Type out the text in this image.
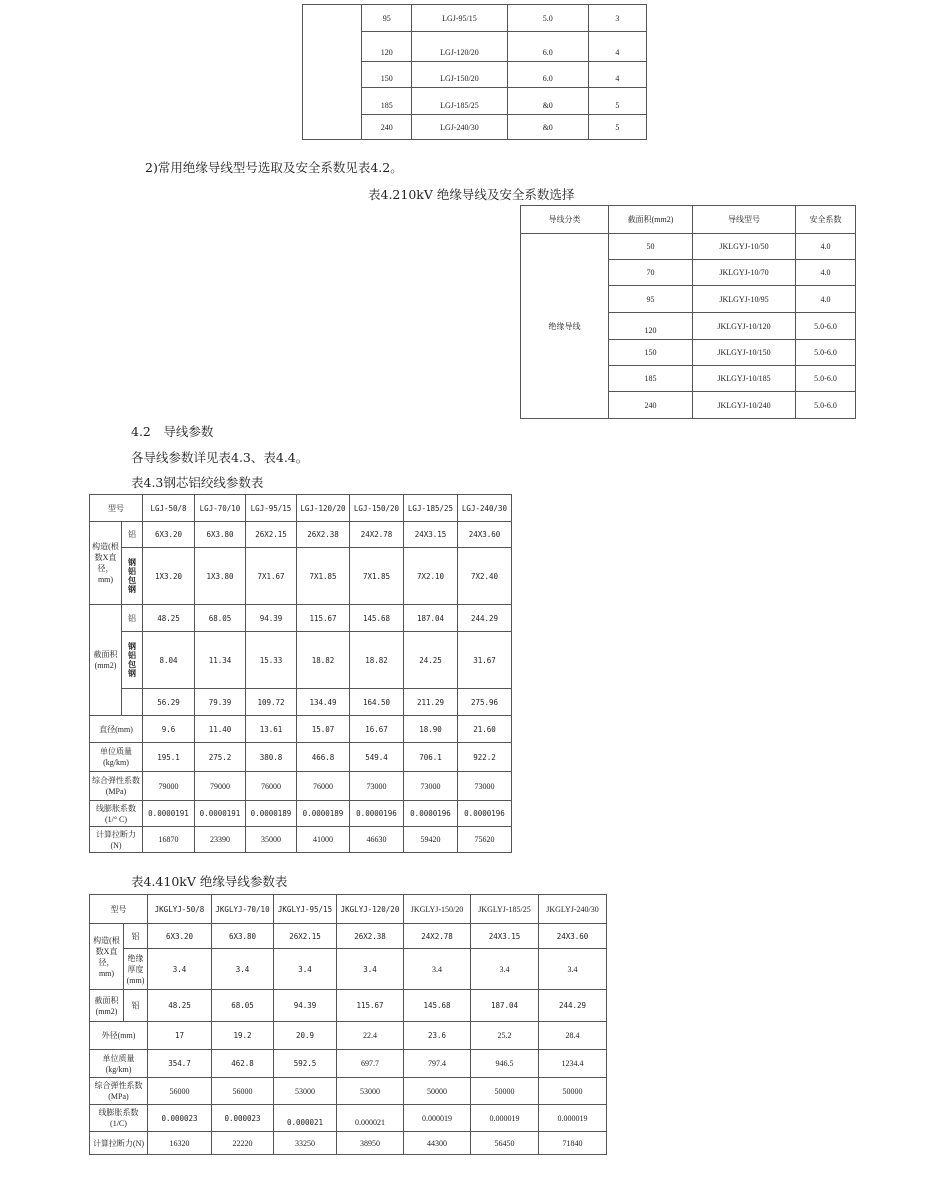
	95	LGJ-95/15	5.0	3
	120	LGJ-120/20	6.0	4
	150	LGJ-150/20	6.0	4
	185	LGJ-185/25	&0	5
	240	LGJ-240/30	&0	5
2)常用绝缘导线型号选取及安全系数见表4.2。
表4.210kV 绝缘导线及安全系数选择
导线分类	截面积(mm2)	导线型号	安全系数
绝缘导线	50	JKLGYJ-10/50	4.0
	70	JKLGYJ-10/70	4.0
	95	JKLGYJ-10/95	4.0
	120	JKLGYJ-10/120	5.0-6.0
	150	JKLGYJ-10/150	5.0-6.0
	185	JKLGYJ-10/185	5.0-6.0
	240	JKLGYJ-10/240	5.0-6.0
4.2　导线参数
各导线参数详见表4.3、表4.4。
表4.3钢芯铝绞线参数表
型号		LGJ-50/8	LGJ-70/10	LGJ-95/15	LGJ-120/20	LGJ-150/20	LGJ-185/25	LGJ-240/30
构造(根数X直径，mm)	铝	6X3.20	6X3.80	26X2.15	26X2.38	24X2.78	24X3.15	24X3.60
	钢铝包钢	1X3.20	1X3.80	7X1.67	7X1.85	7X1.85	7X2.10	7X2.40
截面积(mm2)	铝	48.25	68.05	94.39	115.67	145.68	187.04	244.29
	钢铝包钢	8.04	11.34	15.33	18.82	18.82	24.25	31.67
		56.29	79.39	109.72	134.49	164.50	211.29	275.96
直径(mm)		9.6	11.40	13.61	15.07	16.67	18.90	21.60
单位质量(kg/km)		195.1	275.2	380.8	466.8	549.4	706.1	922.2
综合弹性系数(MPa)		79000	79000	76000	76000	73000	73000	73000
线膨胀系数(1/° C)		0.0000191	0.0000191	0.0000189	0.0000189	0.0000196	0.0000196	0.0000196
计算拉断力(N)		16870	23390	35000	41000	46630	59420	75620
表4.410kV 绝缘导线参数表
型号		JKGLYJ-50/8	JKGLYJ-70/10	JKGLYJ-95/15	JKGLYJ-120/20	JKGLYJ-150/20	JKGLYJ-185/25	JKGLYJ-240/30
构造(根数X直径，mm)	铝	6X3.20	6X3.80	26X2.15	26X2.38	24X2.78	24X3.15	24X3.60
	绝缘厚度(mm)	3.4	3.4	3.4	3.4	3.4	3.4	3.4
截面积(mm2)	铝	48.25	68.05	94.39	115.67	145.68	187.04	244.29
外径(mm)		17	19.2	20.9	22.4	23.6	25.2	28.4
单位质量(kg/km)		354.7	462.8	592.5	697.7	797.4	946.5	1234.4
综合弹性系数(MPa)		56000	56000	53000	53000	50000	50000	50000
线膨胀系数(1/C)		0.000023	0.000023	0.000021	0.000021	0.000019	0.000019	0.000019
计算拉断力(N)		16320	22220	33250	38950	44300	56450	71840
